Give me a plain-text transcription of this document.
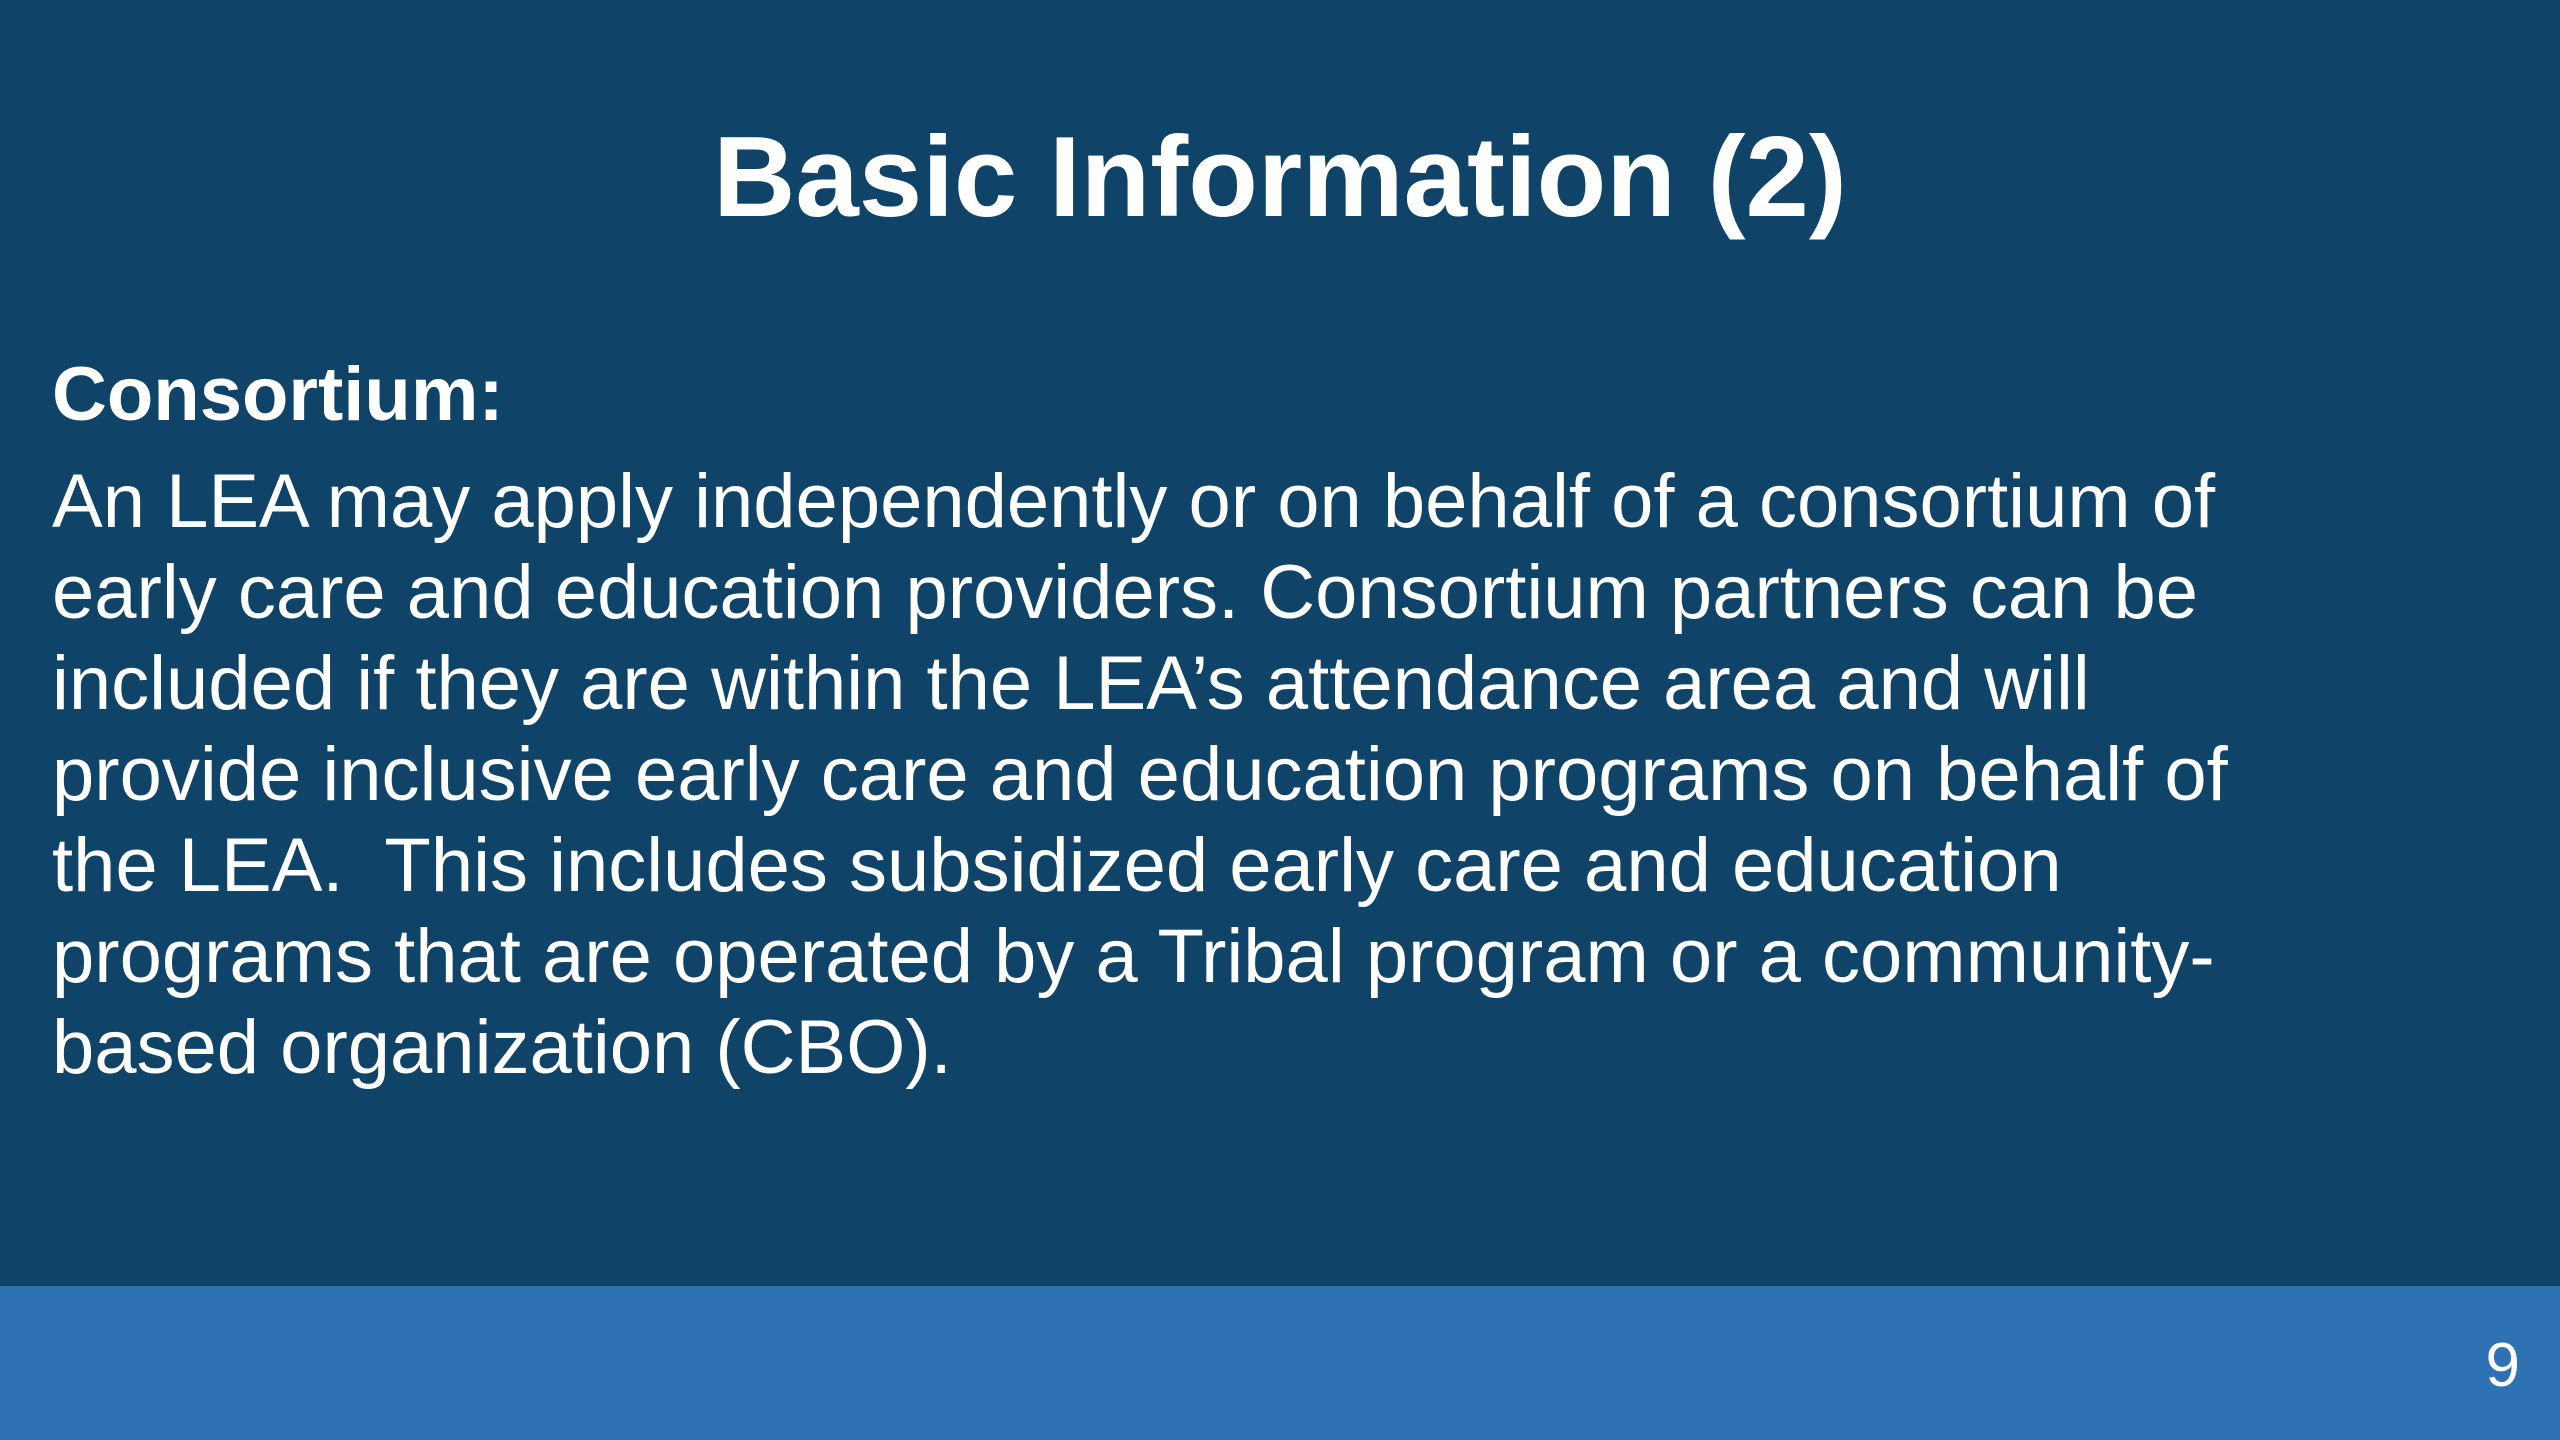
Basic Information (2)

Consortium:

An LEA may apply independently or on behalf of a consortium of
early care and education providers. Consortium partners can be
included if they are within the LEA’s attendance area and will
provide inclusive early care and education programs on behalf of
the LEA.  This includes subsidized early care and education
programs that are operated by a Tribal program or a community-
based organization (CBO).

9
